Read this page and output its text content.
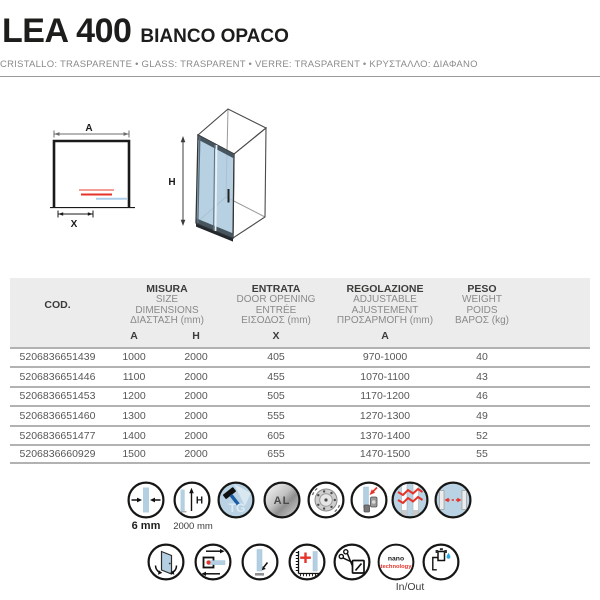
LEA 400 BIANCO OPACO
CRISTALLO: TRASPARENTE • GLASS: TRASPARENT • VERRE: TRASPARENT • ΚΡΥΣΤΑΛΛΟ: ΔΙΑΦΑΝΟ
A
X
H
COD.
MISURA
SIZE
DIMENSIONS
ΔΙΑΣΤΑΣΗ (mm)
ENTRATA
DOOR OPENING
ENTRÉE
ΕΙΣΟΔΟΣ (mm)
REGOLAZIONE
ADJUSTABLE
AJUSTEMENT
ΠΡΟΣΑΡΜΟΓΗ (mm)
PESO
WEIGHT
POIDS
ΒΑΡΟΣ (kg)
A	H	X	A
5206836651439	1000	2000	405	970-1000	40
5206836651446	1100	2000	455	1070-1100	43
5206836651453	1200	2000	505	1170-1200	46
5206836651460	1300	2000	555	1270-1300	49
5206836651477	1400	2000	605	1370-1400	52
5206836660929	1500	2000	655	1470-1500	55
H TG	AL
6 mm	2000 mm
nano
technology
In/Out
